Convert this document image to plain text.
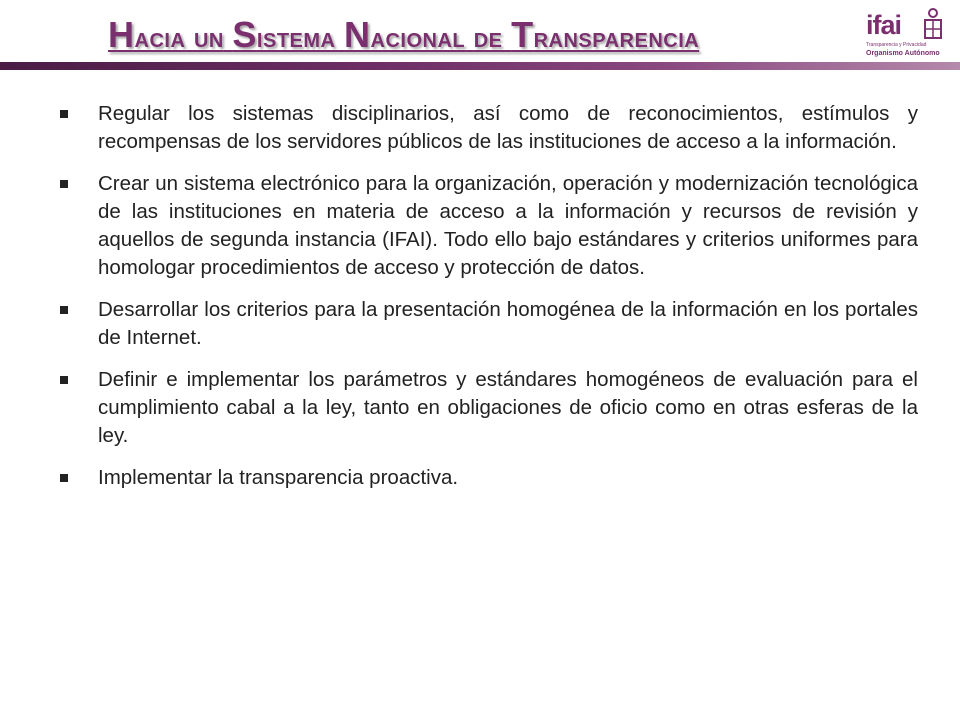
Hacia un Sistema Nacional de Transparencia	ifai
Transparencia y Privacidad
Organismo Autónomo
Regular los sistemas disciplinarios, así como de reconocimientos, estímulos y recompensas de los servidores públicos de las instituciones de acceso a la información.
Crear un sistema electrónico para la organización, operación y modernización tecnológica de las instituciones en materia de acceso a la información y recursos de revisión y aquellos de segunda instancia (IFAI). Todo ello bajo estándares y criterios uniformes para homologar procedimientos de acceso y protección de datos.
Desarrollar los criterios para la presentación homogénea de la información en los portales de Internet.
Definir e implementar los parámetros y estándares homogéneos de evaluación para el cumplimiento cabal a la ley, tanto en obligaciones de oficio como en otras esferas de la ley.
Implementar la transparencia proactiva.
